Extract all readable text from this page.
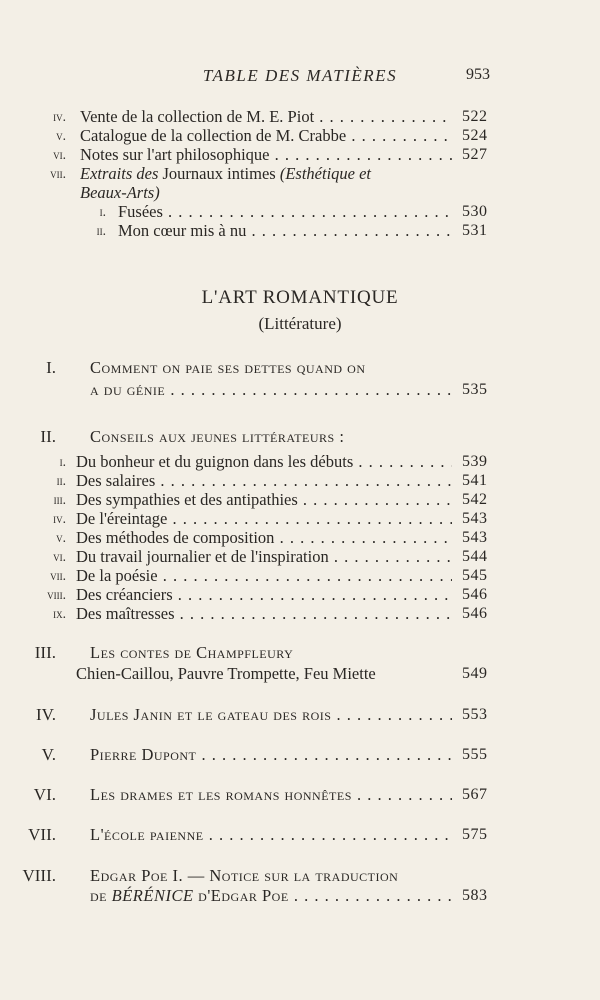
TABLE DES MATIÈRES	953
iv. Vente de la collection de M. E. Piot . . .	522
v. Catalogue de la collection de M. Crabbe . . .	524
vi. Notes sur l'art philosophique . . .	527
vii. Extraits des Journaux intimes (Esthétique et
Beaux-Arts)
i. Fusées . . .	530
ii. Mon cœur mis à nu . . .	531
L'ART ROMANTIQUE
(Littérature)
I. Comment on paie ses dettes quand on
a du génie . . .	535
II. Conseils aux jeunes littérateurs :
i. Du bonheur et du guignon dans les débuts . . .	539
ii. Des salaires . . .	541
iii. Des sympathies et des antipathies . . .	542
iv. De l'éreintage . . .	543
v. Des méthodes de composition . . .	543
vi. Du travail journalier et de l'inspiration . . .	544
vii. De la poésie . . .	545
viii. Des créanciers . . .	546
ix. Des maîtresses . . .	546
III. Les contes de Champfleury
Chien-Caillou, Pauvre Trompette, Feu Miette	549
IV. Jules Janin et le gateau des rois . . .	553
V. Pierre Dupont . . .	555
VI. Les drames et les romans honnêtes . . .	567
VII. L'école paienne . . .	575
VIII. Edgar Poe I. — Notice sur la traduction
de BÉRÉNICE d'Edgar Poe . . .	583
